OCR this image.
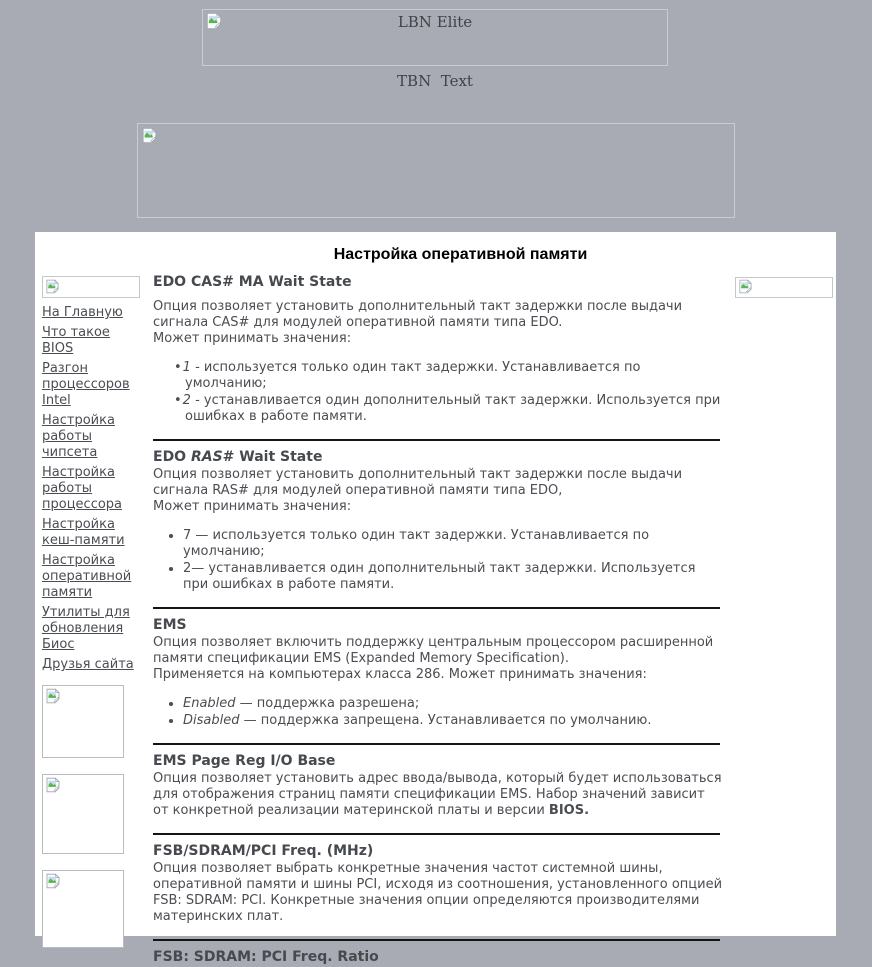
LBN Elite
TBN  Text
Настройка оперативной памяти
На Главную
Что такое BIOS
Разгон процессоров Intel
Настройка работы чипсета
Настройка работы процессора
Настройка кеш-памяти
Настройка оперативной памяти
Утилиты для обновления Биос
Друзья сайта
EDO CAS# MA Wait State

Опция позволяет установить дополнительный такт задержки после выдачи сигнала CAS# для модулей оперативной памяти типа EDO.
Может принимать значения:

•1 - используется только один такт задержки. Устанавливается по умолчанию;
•2 - устанавливается один дополнительный такт задержки. Используется при ошибках в работе памяти.
EDO RAS# Wait State

Опция позволяет установить дополнительный такт задержки после выдачи сигнала RAS# для модулей оперативной памяти типа EDO,
Может принимать значения:

• 7 — используется только один такт задержки. Устанавливается по умолчанию;
• 2— устанавливается один дополнительный такт задержки. Используется при ошибках в работе памяти.
EMS

Опция позволяет включить поддержку центральным процессором расширенной памяти спецификации EMS (Expanded Memory Specification).
Применяется на компьютерах класса 286. Может принимать значения:

• Enabled — поддержка разрешена;
• Disabled — поддержка запрещена. Устанавливается по умолчанию.
EMS Page Reg I/O Base

Опция позволяет установить адрес ввода/вывода, который будет использоваться для отображения страниц памяти спецификации EMS. Набор значений зависит от конкретной реализации материнской платы и версии BIOS.

FSB/SDRAM/PCI Freq. (MHz)

Опция позволяет выбрать конкретные значения частот системной шины, оперативной памяти и шины PCI, исходя из соотношения, установленного опцией FSB: SDRAM: PCI. Конкретные значения опции определяются производителями материнских плат.

FSB: SDRAM: PCI Freq. Ratio
